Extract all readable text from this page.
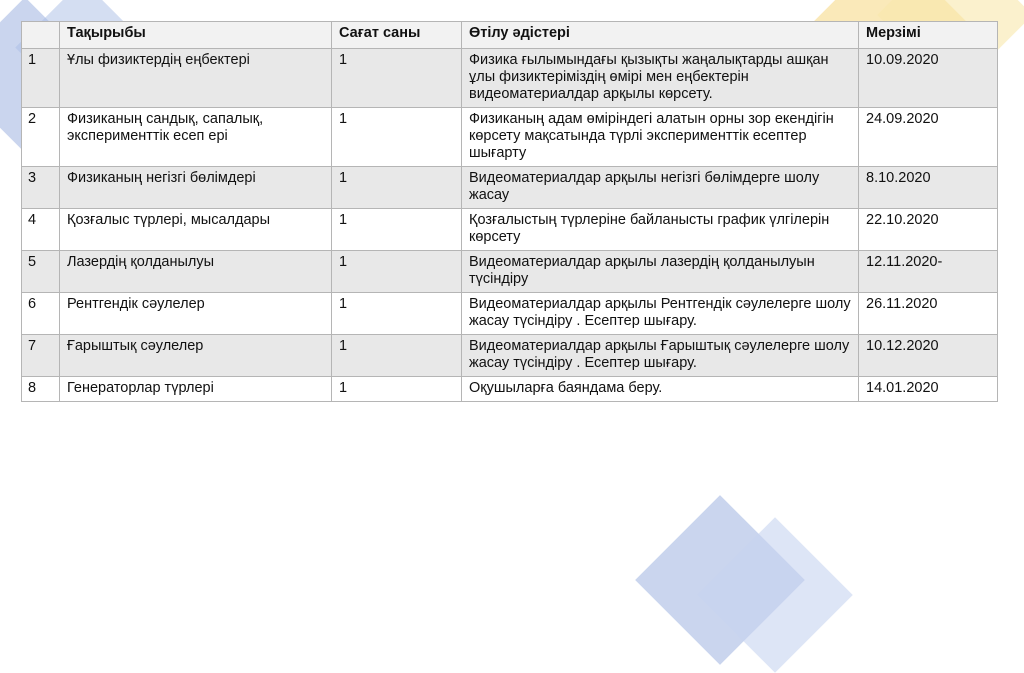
	Тақырыбы	Сағат саны	Өтілу әдістері	Мерзімі
1	Ұлы физиктердің еңбектері	1	Физика ғылымындағы қызықты жаңалықтарды ашқан ұлы физиктеріміздің өмірі мен еңбектерін видеоматериалдар арқылы көрсету.	10.09.2020
2	Физиканың сандық, сапалық, эксперименттік есеп ері	1	Физиканың адам өміріндегі алатын орны зор екендігін көрсету мақсатында түрлі эксперименттік есептер шығарту	24.09.2020
3	Физиканың негізгі бөлімдері	1	Видеоматериалдар арқылы негізгі бөлімдерге шолу жасау	8.10.2020
4	Қозғалыс түрлері, мысалдары	1	Қозғалыстың түрлеріне байланысты график үлгілерін көрсету	22.10.2020
5	Лазердің қолданылуы	1	Видеоматериалдар арқылы лазердің қолданылуын түсіндіру	12.11.2020-
6	Рентгендік сәулелер	1	Видеоматериалдар арқылы Рентгендік сәулелерге шолу жасау түсіндіру . Есептер шығару.	26.11.2020
7	Ғарыштық сәулелер	1	Видеоматериалдар арқылы Ғарыштық сәулелерге шолу жасау түсіндіру . Есептер шығару.	10.12.2020
8	Генераторлар түрлері	1	Оқушыларға баяндама беру.	14.01.2020
